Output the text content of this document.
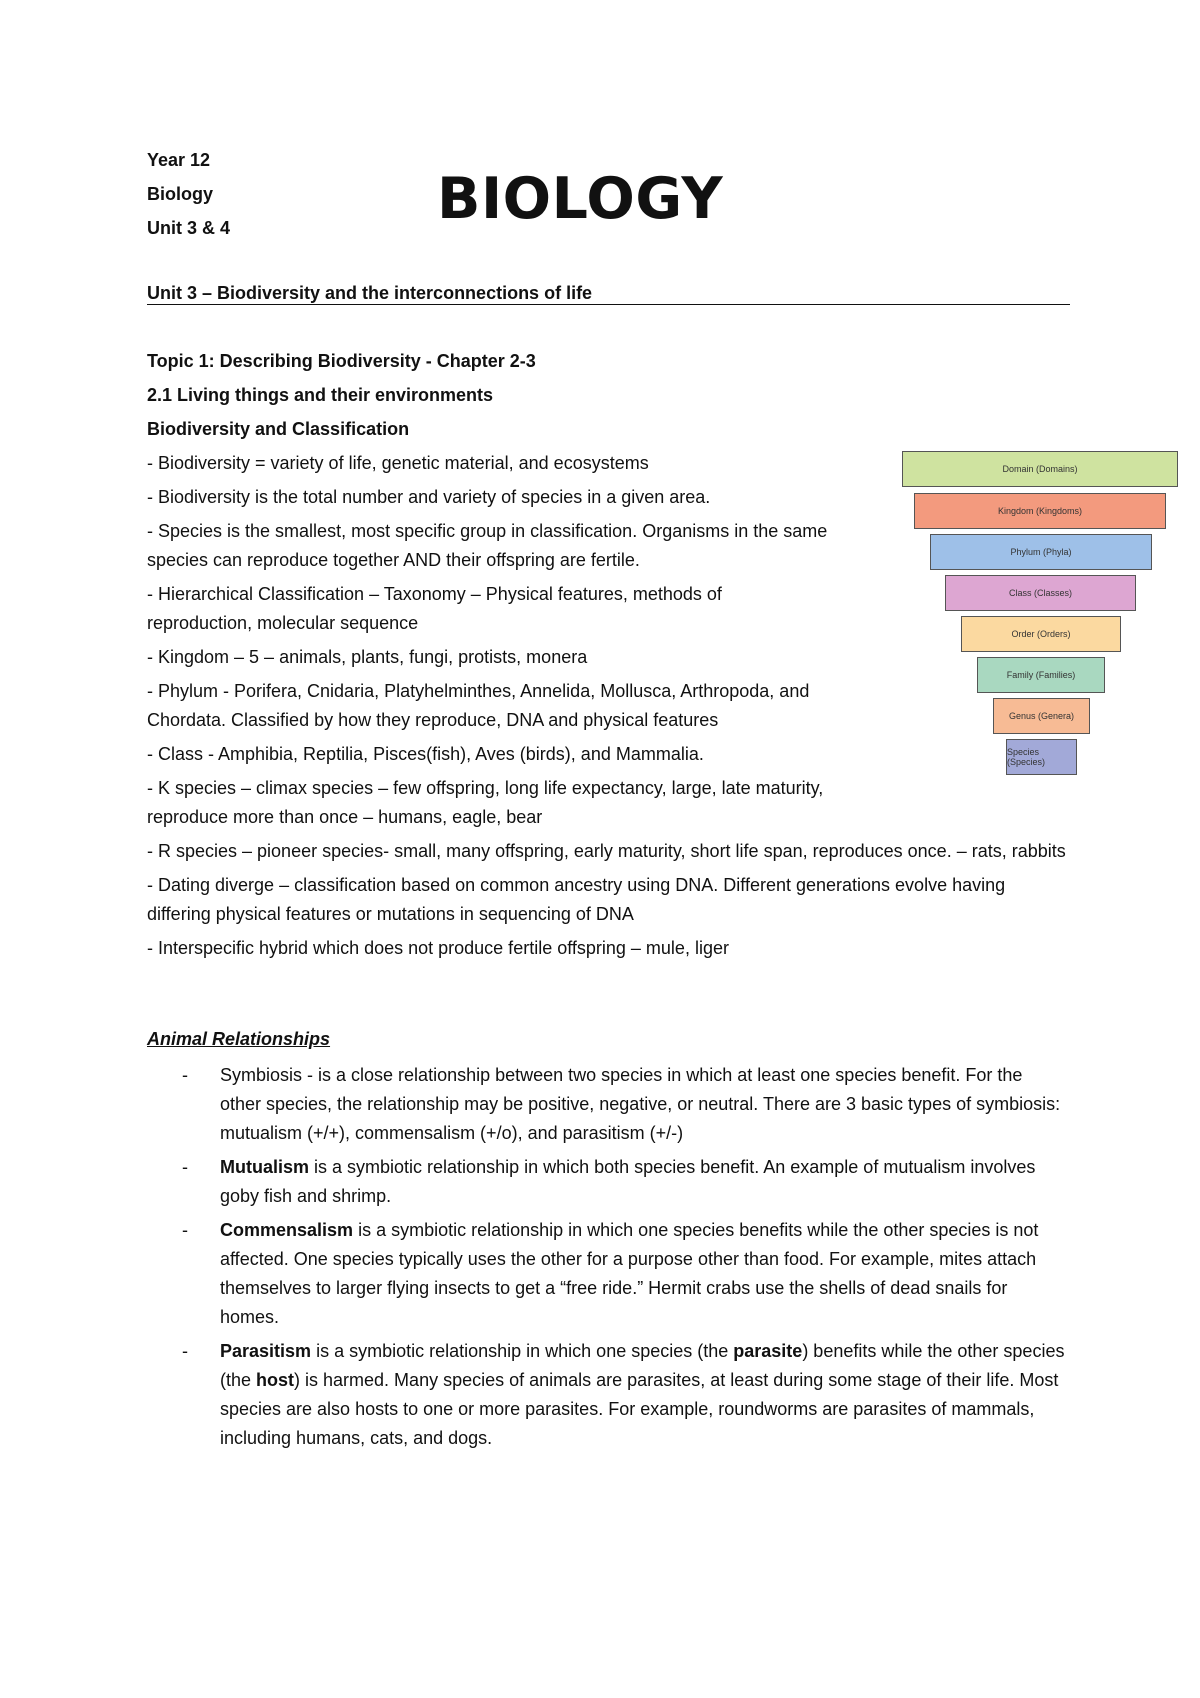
Year 12
Biology
Unit 3 & 4	BIOLOGY
Unit 3 – Biodiversity and the interconnections of life

Topic 1: Describing Biodiversity - Chapter 2-3

2.1 Living things and their environments

Biodiversity and Classification

- Biodiversity = variety of life, genetic material, and ecosystems

- Biodiversity is the total number and variety of species in a given area.

- Species is the smallest, most specific group in classification. Organisms in the same species can reproduce together AND their offspring are fertile.

- Hierarchical Classification – Taxonomy – Physical features, methods of reproduction, molecular sequence

- Kingdom – 5 – animals, plants, fungi, protists, monera

- Phylum - Porifera, Cnidaria, Platyhelminthes, Annelida, Mollusca, Arthropoda, and Chordata. Classified by how they reproduce, DNA and physical features

- Class - Amphibia, Reptilia, Pisces(fish), Aves (birds), and Mammalia.

- K species – climax species – few offspring, long life expectancy, large, late maturity, reproduce more than once – humans, eagle, bear

- R species – pioneer species- small, many offspring, early maturity, short life span, reproduces once. – rats, rabbits

- Dating diverge – classification based on common ancestry using DNA. Different generations evolve having differing physical features or mutations in sequencing of DNA

- Interspecific hybrid which does not produce fertile offspring – mule, liger

Domain (Domains)
Kingdom (Kingdoms)
Phylum (Phyla)
Class (Classes)
Order (Orders)
Family (Families)
Genus (Genera)
Species (Species)
Animal Relationships
- Symbiosis - is a close relationship between two species in which at least one species benefit. For the other species, the relationship may be positive, negative, or neutral. There are 3 basic types of symbiosis: mutualism (+/+), commensalism (+/o), and parasitism (+/-)
- Mutualism is a symbiotic relationship in which both species benefit. An example of mutualism involves goby fish and shrimp.
- Commensalism is a symbiotic relationship in which one species benefits while the other species is not affected. One species typically uses the other for a purpose other than food. For example, mites attach themselves to larger flying insects to get a “free ride.” Hermit crabs use the shells of dead snails for homes.
- Parasitism is a symbiotic relationship in which one species (the parasite) benefits while the other species (the host) is harmed. Many species of animals are parasites, at least during some stage of their life. Most species are also hosts to one or more parasites. For example, roundworms are parasites of mammals, including humans, cats, and dogs.
